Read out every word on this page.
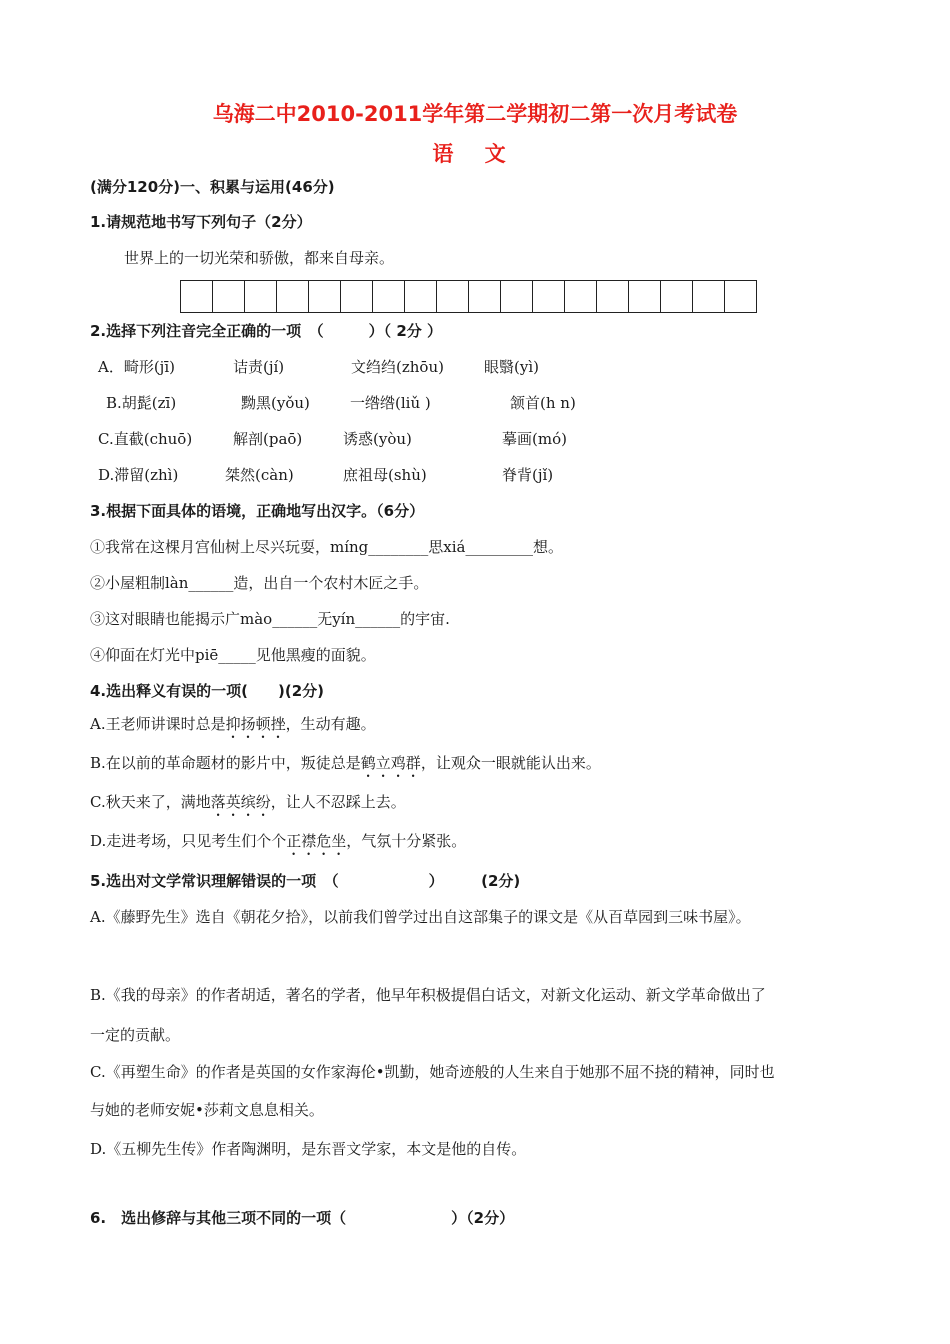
乌海二中2010-2011学年第二学期初二第一次月考试卷
语 文
(满分120分)一、积累与运用(46分)
1.请规范地书写下列句子（2分）
世界上的一切光荣和骄傲，都来自母亲。
2.选择下列注音完全正确的一项　（　　　）（ 2分 ）
A．畸形(jī)	诘责(jí)	文绉绉(zhōu)	眼翳(yì)
B.胡髭(zī)	黝黑(yǒu)	一绺绺(liǔ )	颔首(h n)
C.直截(chuō)	解剖(paō)	诱惑(yòu)	摹画(mó)
D.滞留(zhì)	桀然(càn)	庶祖母(shù)	脊背(jǐ)
3.根据下面具体的语境，正确地写出汉字。（6分）
①我常在这棵月宫仙树上尽兴玩耍，míng________思xiá_________想。
②小屋粗制làn______造，出自一个农村木匠之手。
③这对眼睛也能揭示广mào______无yín______的宇宙.
④仰面在灯光中piē_____见他黑瘦的面貌。
4.选出释义有误的一项(　　)(2分)
A.王老师讲课时总是抑扬顿挫，生动有趣。
B.在以前的革命题材的影片中，叛徒总是鹤立鸡群，让观众一眼就能认出来。
C.秋天来了，满地落英缤纷，让人不忍踩上去。
D.走进考场，只见考生们个个正襟危坐，气氛十分紧张。
5.选出对文学常识理解错误的一项　（　　　　　　）　　　(2分)
A.《藤野先生》选自《朝花夕拾》，以前我们曾学过出自这部集子的课文是《从百草园到三味书屋》。
B.《我的母亲》的作者胡适，著名的学者，他早年积极提倡白话文，对新文化运动、新文学革命做出了
一定的贡献。
C.《再塑生命》的作者是英国的女作家海伦•凯勤，她奇迹般的人生来自于她那不屈不挠的精神，同时也
与她的老师安妮•莎莉文息息相关。
D.《五柳先生传》作者陶渊明，是东晋文学家，本文是他的自传。
6.　选出修辞与其他三项不同的一项（　　　　　　　）（2分）
